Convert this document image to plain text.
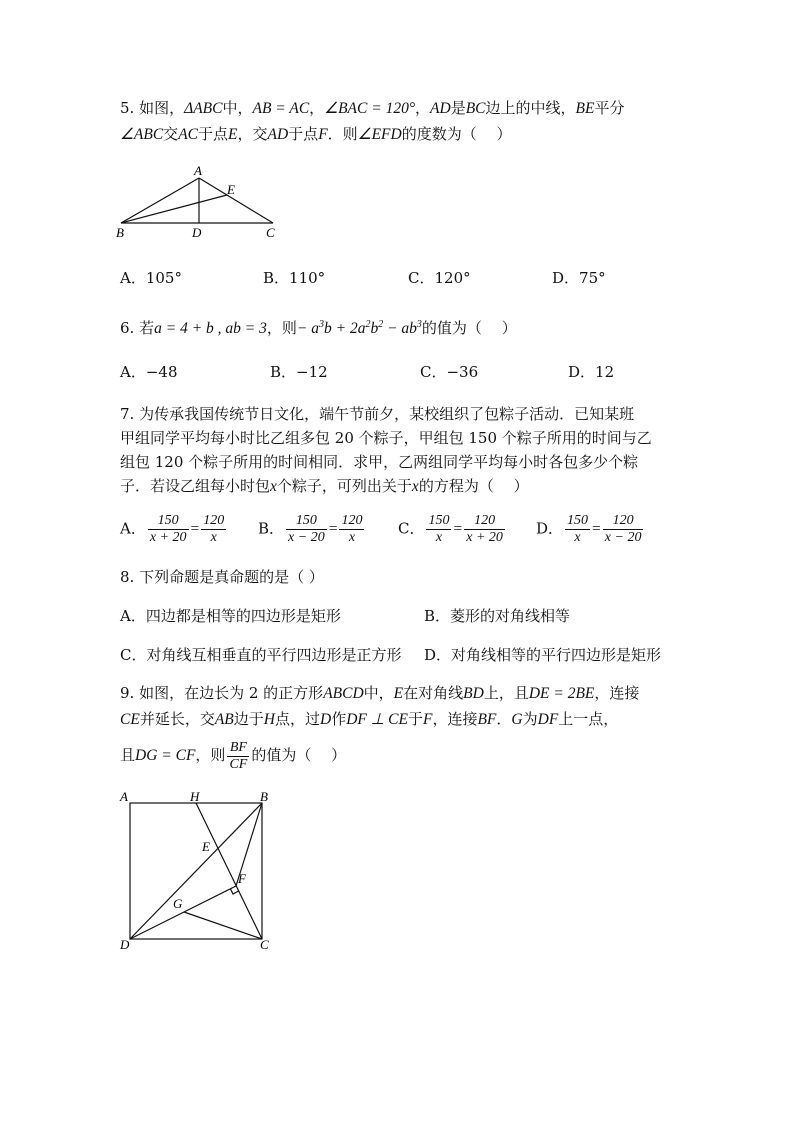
5. 如图，ΔABC中，AB = AC，∠BAC = 120°，AD是BC边上的中线，BE平分
∠ABC交AC于点E，交AD于点F．则∠EFD的度数为（　 ）
A
E
B	D	C
A．105°	B．110°	C．120°	D．75°
6. 若a = 4 + b , ab = 3，则− $a^3b + 2a^2b^2 - ab^3$的值为（　 ）
A．−48	B．−12	C．−36	D．12
7. 为传承我国传统节日文化，端午节前夕，某校组织了包粽子活动．已知某班
甲组同学平均每小时比乙组多包 20 个粽子，甲组包 150 个粽子所用的时间与乙
组包 120 个粽子所用的时间相同．求甲，乙两组同学平均每小时各包多少个粽
子．若设乙组每小时包x个粽子，可列出关于x的方程为（　 ）
A． $\frac{150}{x + 20} = \frac{120}{x}$ B． $\frac{150}{x - 20} = \frac{120}{x}$ C． $\frac{150}{x} = \frac{120}{x + 20}$ D． $\frac{150}{x} = \frac{120}{x - 20}$
8. 下列命题是真命题的是（ ）
A．四边都是相等的四边形是矩形	B．菱形的对角线相等
C．对角线互相垂直的平行四边形是正方形 D．对角线相等的平行四边形是矩形
9. 如图，在边长为 2 的正方形ABCD中，E在对角线BD上，且DE = 2BE，连接
CE并延长，交AB边于H点，过D作DF ⊥ CE于F，连接BF．G为DF上一点，
且DG = CF，则 $\frac{BF}{CF}$ 的值为（　 ）
A	H	B
E
F
G
D	C
